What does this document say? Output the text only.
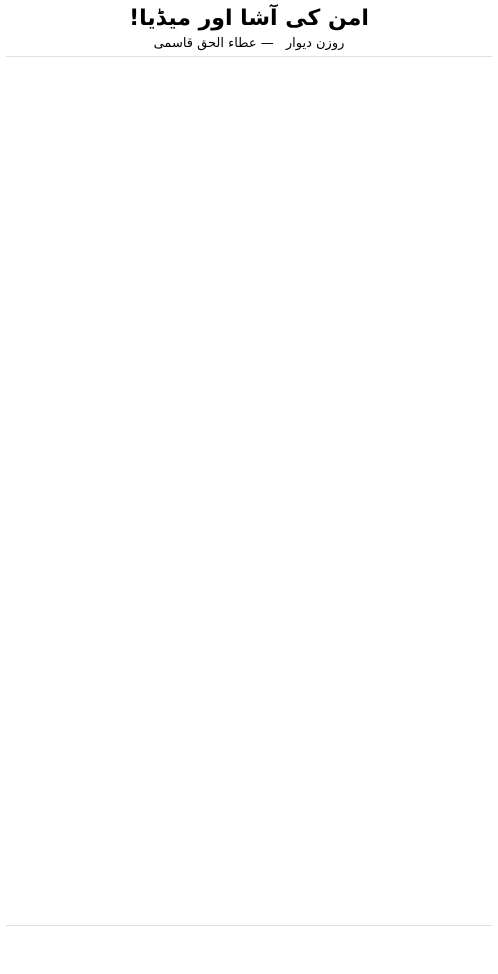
امن کی آشا اور میڈیا!
روزن دیوار — عطاء الحق قاسمی
